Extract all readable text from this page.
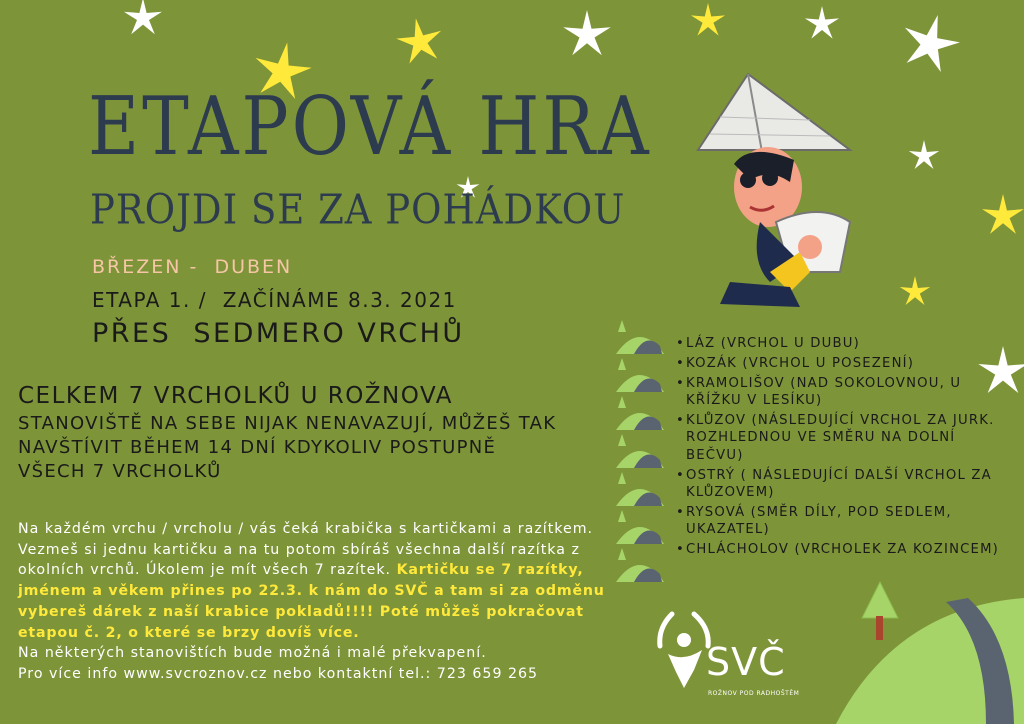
ETAPOVÁ HRA
PROJDI SE ZA POHÁDKOU
BŘEZEN -  DUBEN
ETAPA 1. /  ZAČÍNÁME 8.3. 2021
PŘES  SEDMERO VRCHŮ
CELKEM 7 VRCHOLKŮ U ROŽNOVA
STANOVIŠTĚ NA SEBE NIJAK NENAVAZUJÍ, MŮŽEŠ TAK NAVŠTÍVIT BĚHEM 14 DNÍ KDYKOLIV POSTUPNĚ VŠECH 7 VRCHOLKŮ
Na každém vrchu / vrcholu / vás čeká krabička s kartičkami a razítkem. Vezmeš si jednu kartičku a na tu potom sbíráš všechna další razítka z okolních vrchů. Úkolem je mít všech 7 razítek. Kartičku se 7 razítky, jménem a věkem přines po 22.3. k nám do SVČ a tam si za odměnu vybereš dárek z naší krabice pokladů!!!! Poté můžeš pokračovat etapou č. 2, o které se brzy dovíš více.
Na některých stanovištích bude možná i malé překvapení.
Pro více info www.svcroznov.cz nebo kontaktní tel.: 723 659 265
• LÁZ (VRCHOL U DUBU)
• KOZÁK (VRCHOL U POSEZENÍ)
• KRAMOLIŠOV (NAD SOKOLOVNOU, U KŘÍŽKU V LESÍKU)
• KLŮZOV (NÁSLEDUJÍCÍ VRCHOL ZA JURK. ROZHLEDNOU VE SMĚRU NA DOLNÍ BEČVU)
• OSTRÝ ( NÁSLEDUJÍCÍ DALŠÍ VRCHOL ZA KLŮZOVEM)
• RYSOVÁ (SMĚR DÍLY, POD SEDLEM, UKAZATEL)
• CHLÁCHOLOV (VRCHOLEK ZA KOZINCEM)
SVČ
ROŽNOV POD RADHOŠTĚM
